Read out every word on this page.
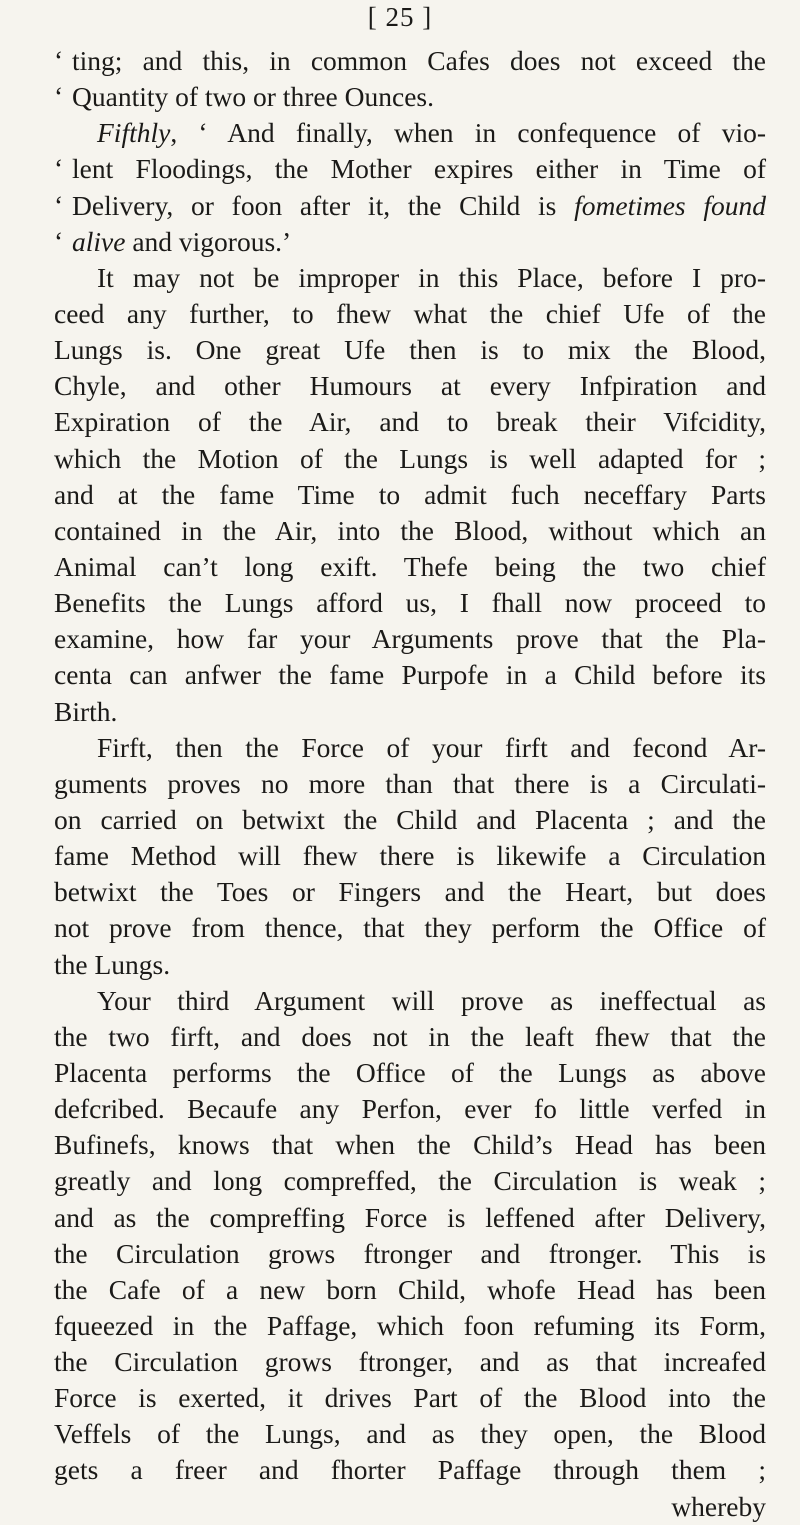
[ 25 ]
‘ ting; and this, in common Cafes does not exceed the
‘ Quantity of two or three Ounces.
Fifthly, ‘ And finally, when in confequence of vio-
‘ lent Floodings, the Mother expires either in Time of
‘ Delivery, or foon after it, the Child is fometimes found
‘ alive and vigorous.’
It may not be improper in this Place, before I pro-
ceed any further, to fhew what the chief Ufe of the
Lungs is. One great Ufe then is to mix the Blood,
Chyle, and other Humours at every Infpiration and
Expiration of the Air, and to break their Vifcidity,
which the Motion of the Lungs is well adapted for ;
and at the fame Time to admit fuch neceffary Parts
contained in the Air, into the Blood, without which an
Animal can’t long exift. Thefe being the two chief
Benefits the Lungs afford us, I fhall now proceed to
examine, how far your Arguments prove that the Pla-
centa can anfwer the fame Purpofe in a Child before its
Birth.
Firft, then the Force of your firft and fecond Ar-
guments proves no more than that there is a Circulati-
on carried on betwixt the Child and Placenta ; and the
fame Method will fhew there is likewife a Circulation
betwixt the Toes or Fingers and the Heart, but does
not prove from thence, that they perform the Office of
the Lungs.
Your third Argument will prove as ineffectual as
the two firft, and does not in the leaft fhew that the
Placenta performs the Office of the Lungs as above
defcribed. Becaufe any Perfon, ever fo little verfed in
Bufinefs, knows that when the Child’s Head has been
greatly and long compreffed, the Circulation is weak ;
and as the compreffing Force is leffened after Delivery,
the Circulation grows ftronger and ftronger. This is
the Cafe of a new born Child, whofe Head has been
fqueezed in the Paffage, which foon refuming its Form,
the Circulation grows ftronger, and as that increafed
Force is exerted, it drives Part of the Blood into the
Veffels of the Lungs, and as they open, the Blood
gets a freer and fhorter Paffage through them ;
whereby
